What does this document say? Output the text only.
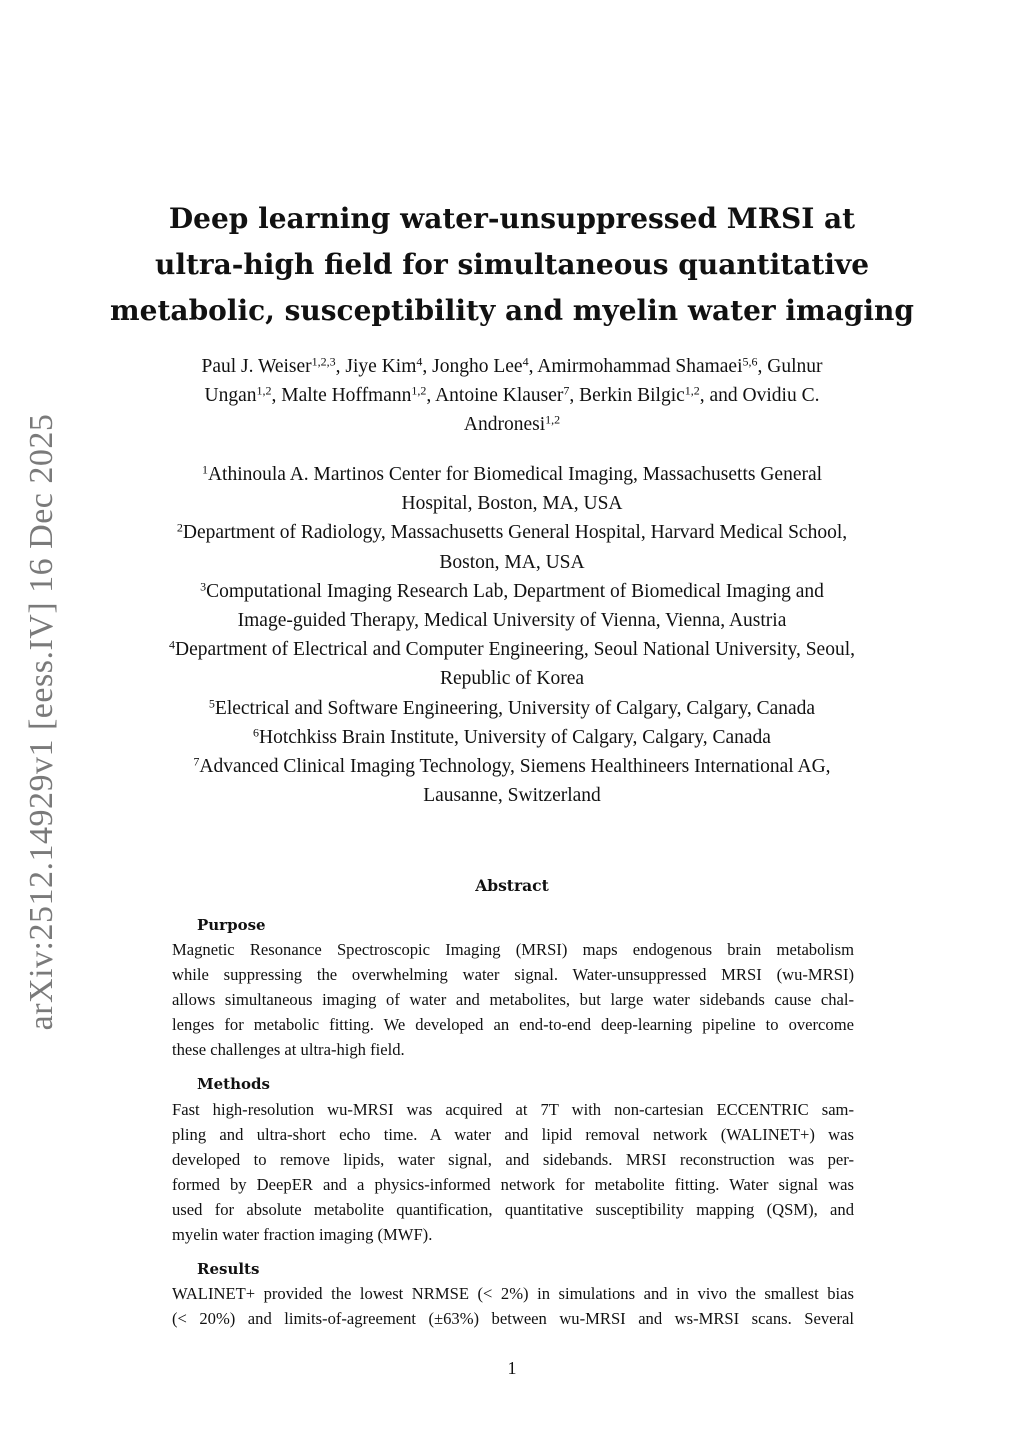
arXiv:2512.14929v1 [eess.IV] 16 Dec 2025
Deep learning water-unsuppressed MRSI at
ultra-high field for simultaneous quantitative
metabolic, susceptibility and myelin water imaging
Paul J. Weiser$^{1,2,3}$, Jiye Kim$^4$, Jongho Lee$^4$, Amirmohammad Shamaei$^{5,6}$, Gulnur
Ungan$^{1,2}$, Malte Hoffmann$^{1,2}$, Antoine Klauser$^7$, Berkin Bilgic$^{1,2}$, and Ovidiu C.
Andronesi$^{1,2}$
$^1$Athinoula A. Martinos Center for Biomedical Imaging, Massachusetts General
Hospital, Boston, MA, USA
$^2$Department of Radiology, Massachusetts General Hospital, Harvard Medical School,
Boston, MA, USA
$^3$Computational Imaging Research Lab, Department of Biomedical Imaging and
Image-guided Therapy, Medical University of Vienna, Vienna, Austria
$^4$Department of Electrical and Computer Engineering, Seoul National University, Seoul,
Republic of Korea
$^5$Electrical and Software Engineering, University of Calgary, Calgary, Canada
$^6$Hotchkiss Brain Institute, University of Calgary, Calgary, Canada
$^7$Advanced Clinical Imaging Technology, Siemens Healthineers International AG,
Lausanne, Switzerland
Abstract
Purpose
Magnetic Resonance Spectroscopic Imaging (MRSI) maps endogenous brain metabolism
while suppressing the overwhelming water signal. Water-unsuppressed MRSI (wu-MRSI)
allows simultaneous imaging of water and metabolites, but large water sidebands cause chal-
lenges for metabolic fitting. We developed an end-to-end deep-learning pipeline to overcome
these challenges at ultra-high field.
Methods
Fast high-resolution wu-MRSI was acquired at 7T with non-cartesian ECCENTRIC sam-
pling and ultra-short echo time. A water and lipid removal network (WALINET+) was
developed to remove lipids, water signal, and sidebands. MRSI reconstruction was per-
formed by DeepER and a physics-informed network for metabolite fitting. Water signal was
used for absolute metabolite quantification, quantitative susceptibility mapping (QSM), and
myelin water fraction imaging (MWF).
Results
WALINET+ provided the lowest NRMSE (< 2%) in simulations and in vivo the smallest bias
(< 20%) and limits-of-agreement (±63%) between wu-MRSI and ws-MRSI scans. Several
1
